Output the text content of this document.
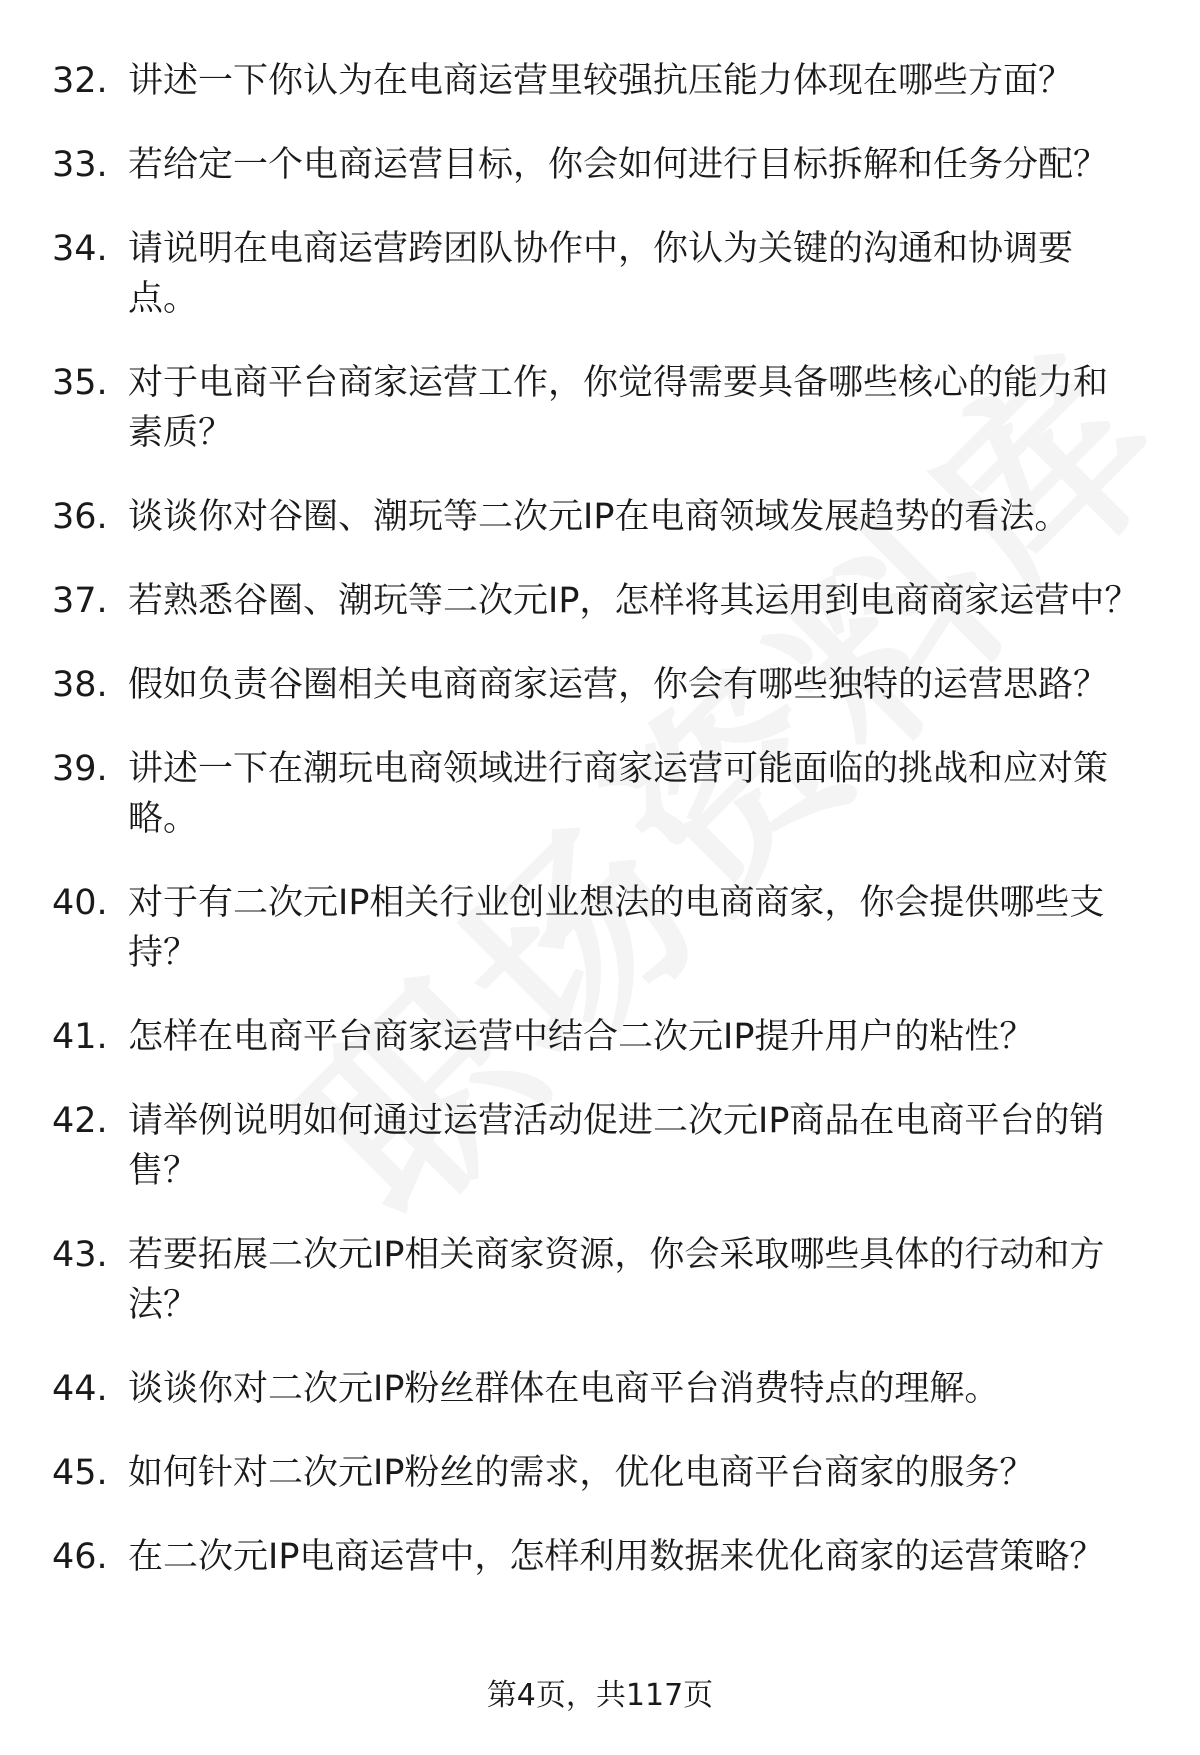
32. 讲述一下你认为在电商运营里较强抗压能力体现在哪些方面？
33. 若给定一个电商运营目标，你会如何进行目标拆解和任务分配？
34. 请说明在电商运营跨团队协作中，你认为关键的沟通和协调要点。
35. 对于电商平台商家运营工作，你觉得需要具备哪些核心的能力和素质？
36. 谈谈你对谷圈、潮玩等二次元IP在电商领域发展趋势的看法。
37. 若熟悉谷圈、潮玩等二次元IP，怎样将其运用到电商商家运营中？
38. 假如负责谷圈相关电商商家运营，你会有哪些独特的运营思路？
39. 讲述一下在潮玩电商领域进行商家运营可能面临的挑战和应对策略。
40. 对于有二次元IP相关行业创业想法的电商商家，你会提供哪些支持？
41. 怎样在电商平台商家运营中结合二次元IP提升用户的粘性？
42. 请举例说明如何通过运营活动促进二次元IP商品在电商平台的销售？
43. 若要拓展二次元IP相关商家资源，你会采取哪些具体的行动和方法？
44. 谈谈你对二次元IP粉丝群体在电商平台消费特点的理解。
45. 如何针对二次元IP粉丝的需求，优化电商平台商家的服务？
46. 在二次元IP电商运营中，怎样利用数据来优化商家的运营策略？
第4页，共117页
